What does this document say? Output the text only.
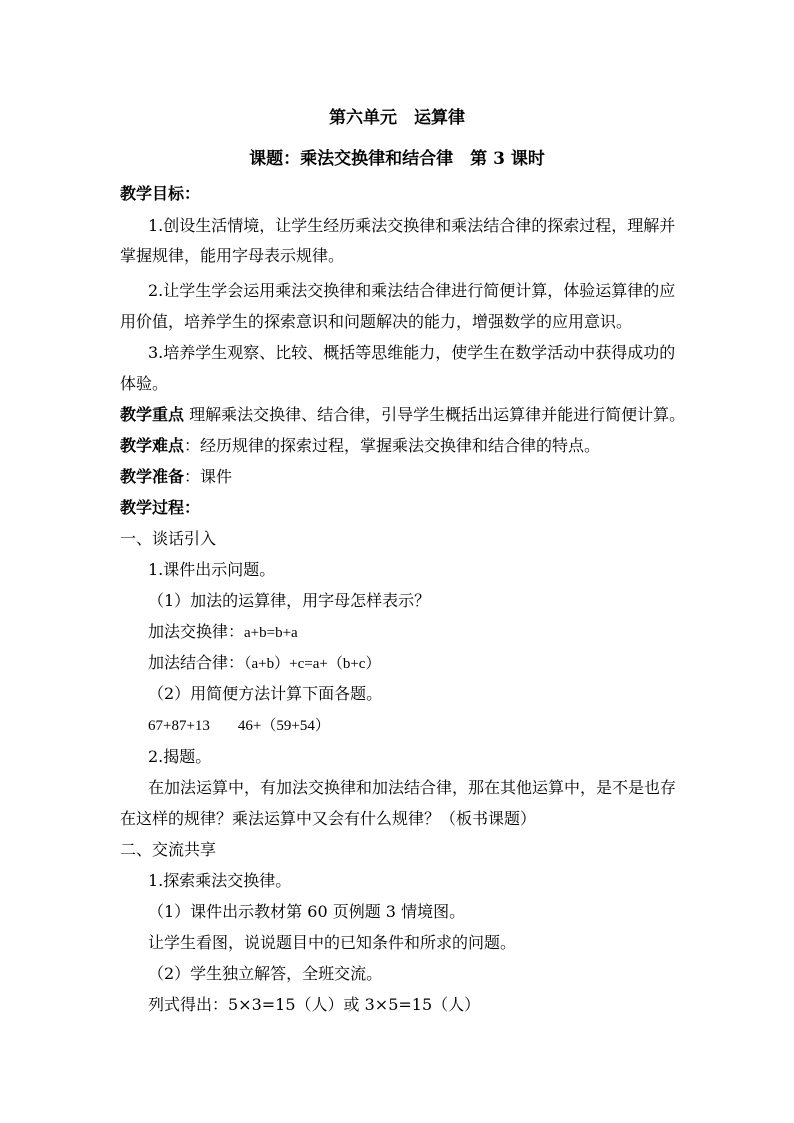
第六单元　运算律
课题：乘法交换律和结合律　第 3 课时
教学目标：
1.创设生活情境，让学生经历乘法交换律和乘法结合律的探索过程，理解并
掌握规律，能用字母表示规律。
2.让学生学会运用乘法交换律和乘法结合律进行简便计算，体验运算律的应
用价值，培养学生的探索意识和问题解决的能力，增强数学的应用意识。
3.培养学生观察、比较、概括等思维能力，使学生在数学活动中获得成功的
体验。
教学重点 理解乘法交换律、结合律，引导学生概括出运算律并能进行简便计算。
教学难点：经历规律的探索过程，掌握乘法交换律和结合律的特点。
教学准备：课件
教学过程：
一、谈话引入
1.课件出示问题。
（1）加法的运算律，用字母怎样表示？
加法交换律：a+b=b+a
加法结合律：（a+b）+c=a+（b+c）
（2）用简便方法计算下面各题。
67+87+13 46+（59+54）
2.揭题。
在加法运算中，有加法交换律和加法结合律，那在其他运算中，是不是也存
在这样的规律？乘法运算中又会有什么规律？（板书课题）
二、交流共享
1.探索乘法交换律。
（1）课件出示教材第 60 页例题 3 情境图。
让学生看图，说说题目中的已知条件和所求的问题。
（2）学生独立解答，全班交流。
列式得出：5×3=15（人）或 3×5=15（人）
